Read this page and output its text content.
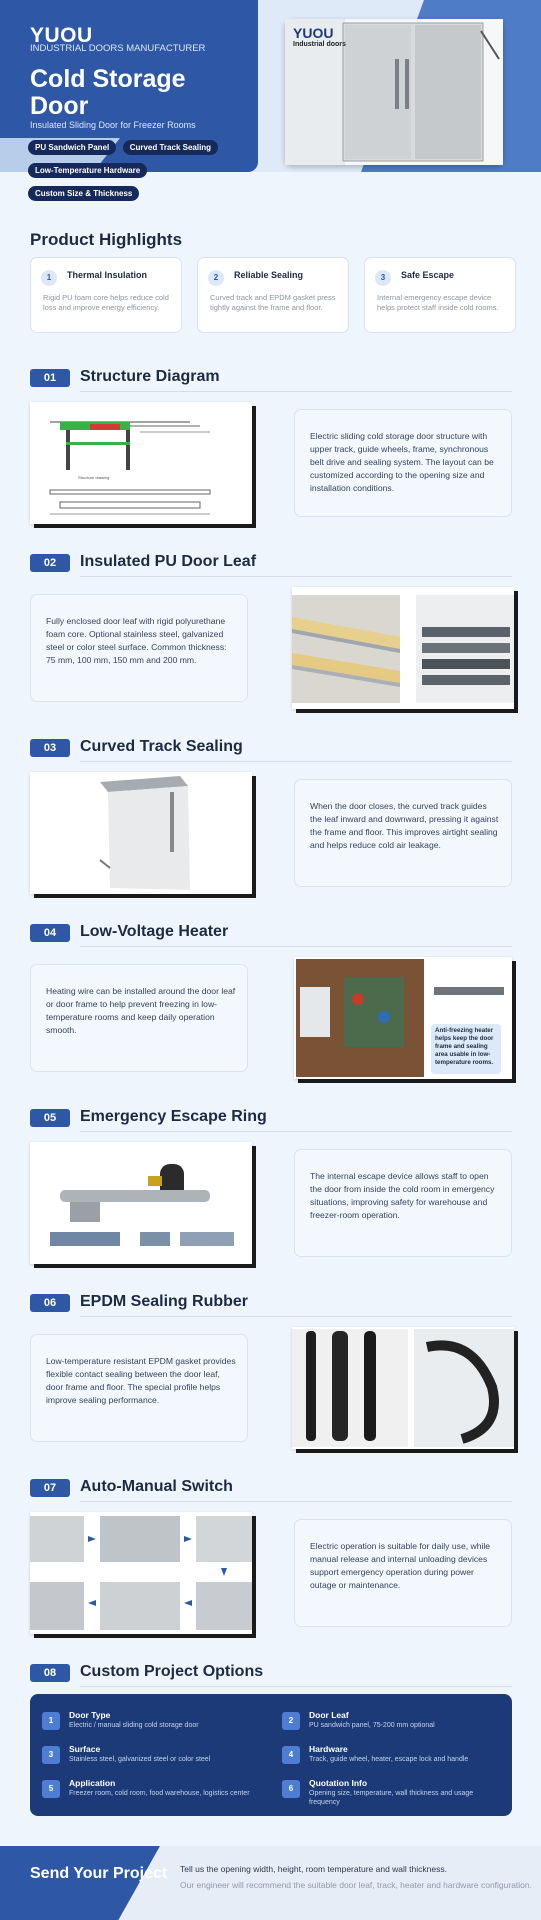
YUOU
INDUSTRIAL DOORS MANUFACTURER
Cold Storage Door
Insulated Sliding Door for Freezer Rooms
PU Sandwich Panel	Curved Track Sealing Low-Temperature Hardware Custom Size & Thickness
YUOU
Industrial doors
Product Highlights
1	Thermal Insulation
Rigid PU foam core helps reduce cold loss and improve energy efficiency.
2	Reliable Sealing
Curved track and EPDM gasket press tightly against the frame and floor.
3	Safe Escape
Internal emergency escape device helps protect staff inside cold rooms.
01	Structure Diagram
Structure drawing

Electric sliding cold storage door structure with upper track, guide wheels, frame, synchronous belt drive and sealing system. The layout can be customized according to the opening size and installation conditions.

02	Insulated PU Door Leaf

Fully enclosed door leaf with rigid polyurethane foam core. Optional stainless steel, galvanized steel or color steel surface. Common thickness: 75 mm, 100 mm, 150 mm and 200 mm.

03	Curved Track Sealing

When the door closes, the curved track guides the leaf inward and downward, pressing it against the frame and floor. This improves airtight sealing and helps reduce cold air leakage.

04	Low-Voltage Heater

Heating wire can be installed around the door leaf or door frame to help prevent freezing in low-temperature rooms and keep daily operation smooth.	Anti-freezing heater helps keep the door frame and sealing area usable in low-temperature rooms.
05	Emergency Escape Ring

The internal escape device allows staff to open the door from inside the cold room in emergency situations, improving safety for warehouse and freezer-room operation.

06	EPDM Sealing Rubber

Low-temperature resistant EPDM gasket provides flexible contact sealing between the door leaf, door frame and floor. The special profile helps improve sealing performance.

07	Auto-Manual Switch

Electric operation is suitable for daily use, while manual release and internal unloading devices support emergency operation during power outage or maintenance.

08	Custom Project Options
1
Door Type
Electric / manual sliding cold storage door
2
Door Leaf
PU sandwich panel, 75-200 mm optional
3
Surface
Stainless steel, galvanized steel or color steel
4
Hardware
Track, guide wheel, heater, escape lock and handle
5
Application
Freezer room, cold room, food warehouse, logistics center
6
Quotation Info
Opening size, temperature, wall thickness and usage frequency
Send Your Project Tell us the opening width, height, room temperature and wall thickness.
Our engineer will recommend the suitable door leaf, track, heater and hardware configuration.
